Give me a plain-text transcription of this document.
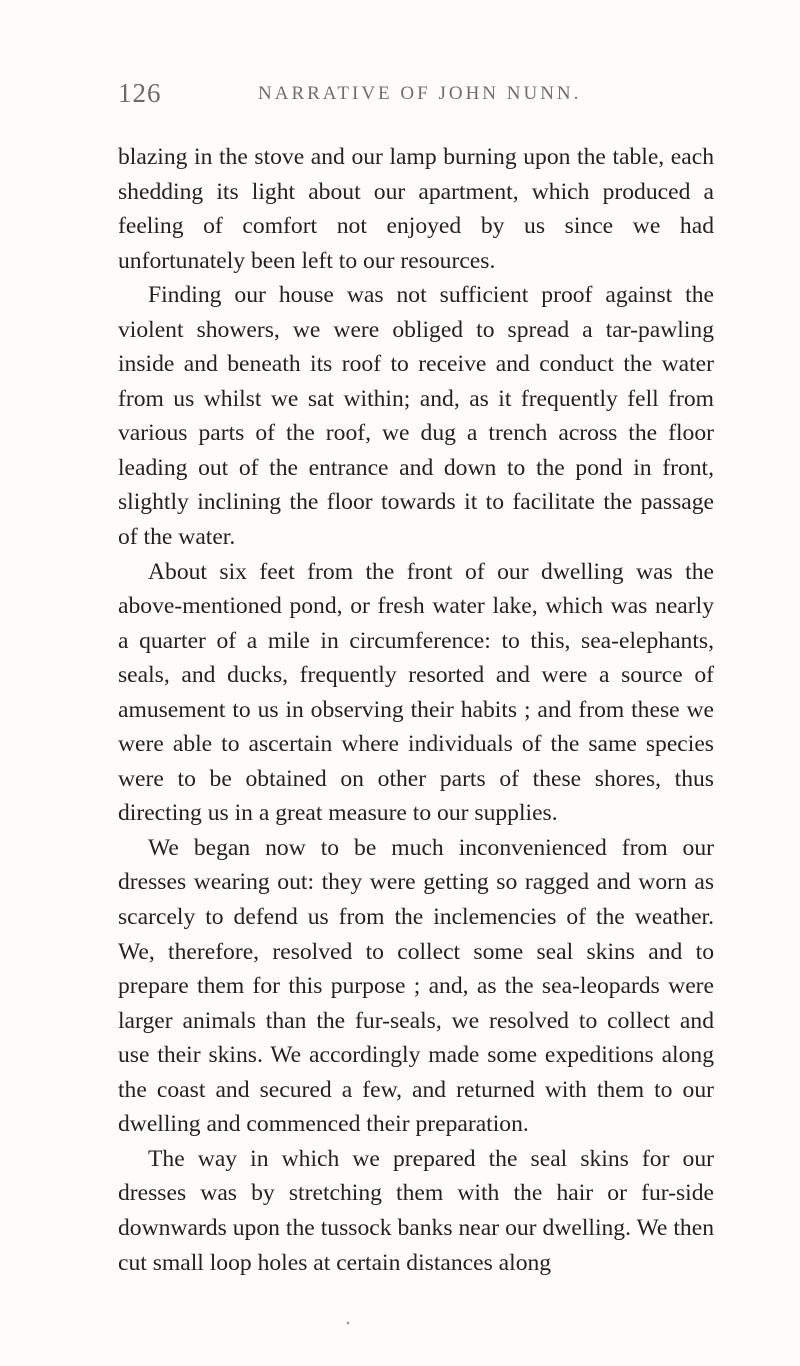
126	NARRATIVE OF JOHN NUNN.

blazing in the stove and our lamp burning upon the table, each shedding its light about our apartment, which produced a feeling of comfort not enjoyed by us since we had unfortunately been left to our resources.

Finding our house was not sufficient proof against the violent showers, we were obliged to spread a tar-pawling inside and beneath its roof to receive and conduct the water from us whilst we sat within; and, as it frequently fell from various parts of the roof, we dug a trench across the floor leading out of the entrance and down to the pond in front, slightly inclining the floor towards it to facilitate the passage of the water.

About six feet from the front of our dwelling was the above-mentioned pond, or fresh water lake, which was nearly a quarter of a mile in circumference: to this, sea-elephants, seals, and ducks, frequently resorted and were a source of amusement to us in observing their habits ; and from these we were able to ascertain where individuals of the same species were to be obtained on other parts of these shores, thus directing us in a great measure to our supplies.

We began now to be much inconvenienced from our dresses wearing out: they were getting so ragged and worn as scarcely to defend us from the inclemencies of the weather. We, therefore, resolved to collect some seal skins and to prepare them for this purpose ; and, as the sea-leopards were larger animals than the fur-seals, we resolved to collect and use their skins. We accordingly made some expeditions along the coast and secured a few, and returned with them to our dwelling and commenced their preparation.

The way in which we prepared the seal skins for our dresses was by stretching them with the hair or fur-side downwards upon the tussock banks near our dwelling. We then cut small loop holes at certain distances along
